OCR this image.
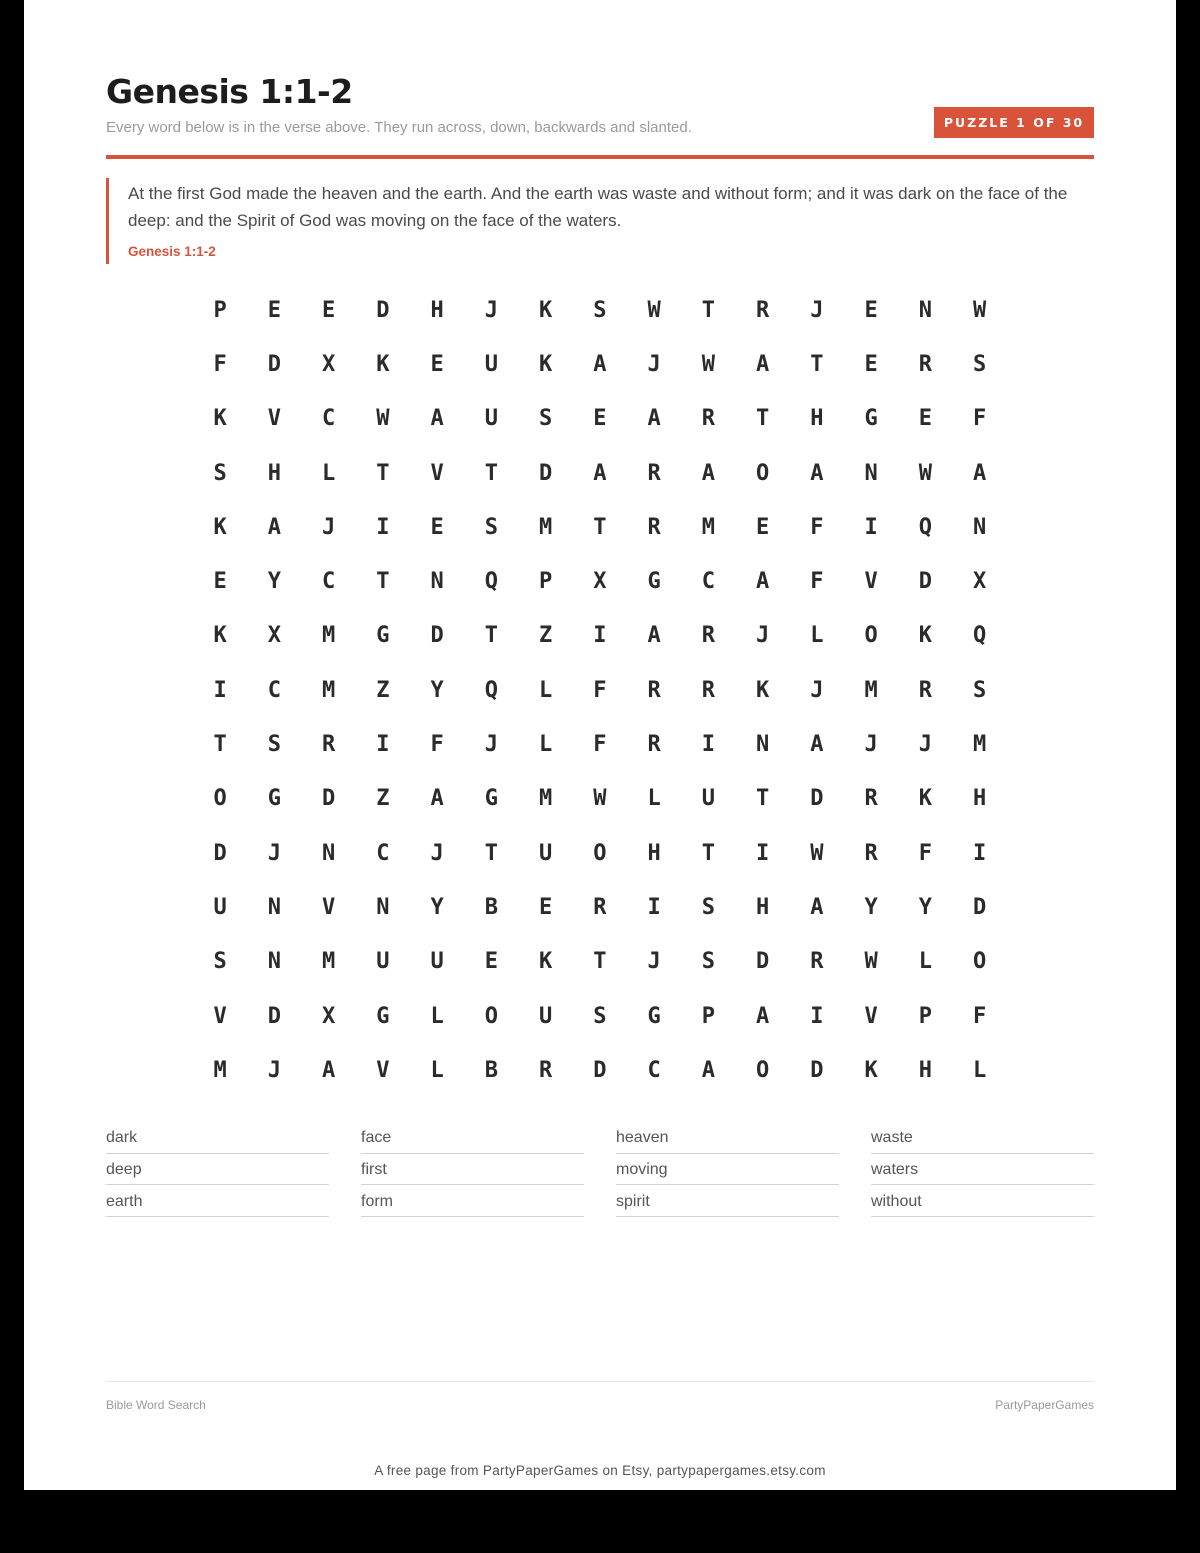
Genesis 1:1-2
Every word below is in the verse above. They run across, down, backwards and slanted.	PUZZLE 1 OF 30
At the first God made the heaven and the earth. And the earth was waste and without form; and it was dark on the face of the deep: and the Spirit of God was moving on the face of the waters.
Genesis 1:1-2
P	E	E	D	H	J	K	S	W	T	R	J	E	N	W
F	D	X	K	E	U	K	A	J	W	A	T	E	R	S
K	V	C	W	A	U	S	E	A	R	T	H	G	E	F
S	H	L	T	V	T	D	A	R	A	O	A	N	W	A
K	A	J	I	E	S	M	T	R	M	E	F	I	Q	N
E	Y	C	T	N	Q	P	X	G	C	A	F	V	D	X
K	X	M	G	D	T	Z	I	A	R	J	L	O	K	Q
I	C	M	Z	Y	Q	L	F	R	R	K	J	M	R	S
T	S	R	I	F	J	L	F	R	I	N	A	J	J	M
O	G	D	Z	A	G	M	W	L	U	T	D	R	K	H
D	J	N	C	J	T	U	O	H	T	I	W	R	F	I
U	N	V	N	Y	B	E	R	I	S	H	A	Y	Y	D
S	N	M	U	U	E	K	T	J	S	D	R	W	L	O
V	D	X	G	L	O	U	S	G	P	A	I	V	P	F
M	J	A	V	L	B	R	D	C	A	O	D	K	H	L
dark	face	heaven	waste
deep	first	moving	waters
earth	form	spirit	without
Bible Word Search	PartyPaperGames
A free page from PartyPaperGames on Etsy, partypapergames.etsy.com
